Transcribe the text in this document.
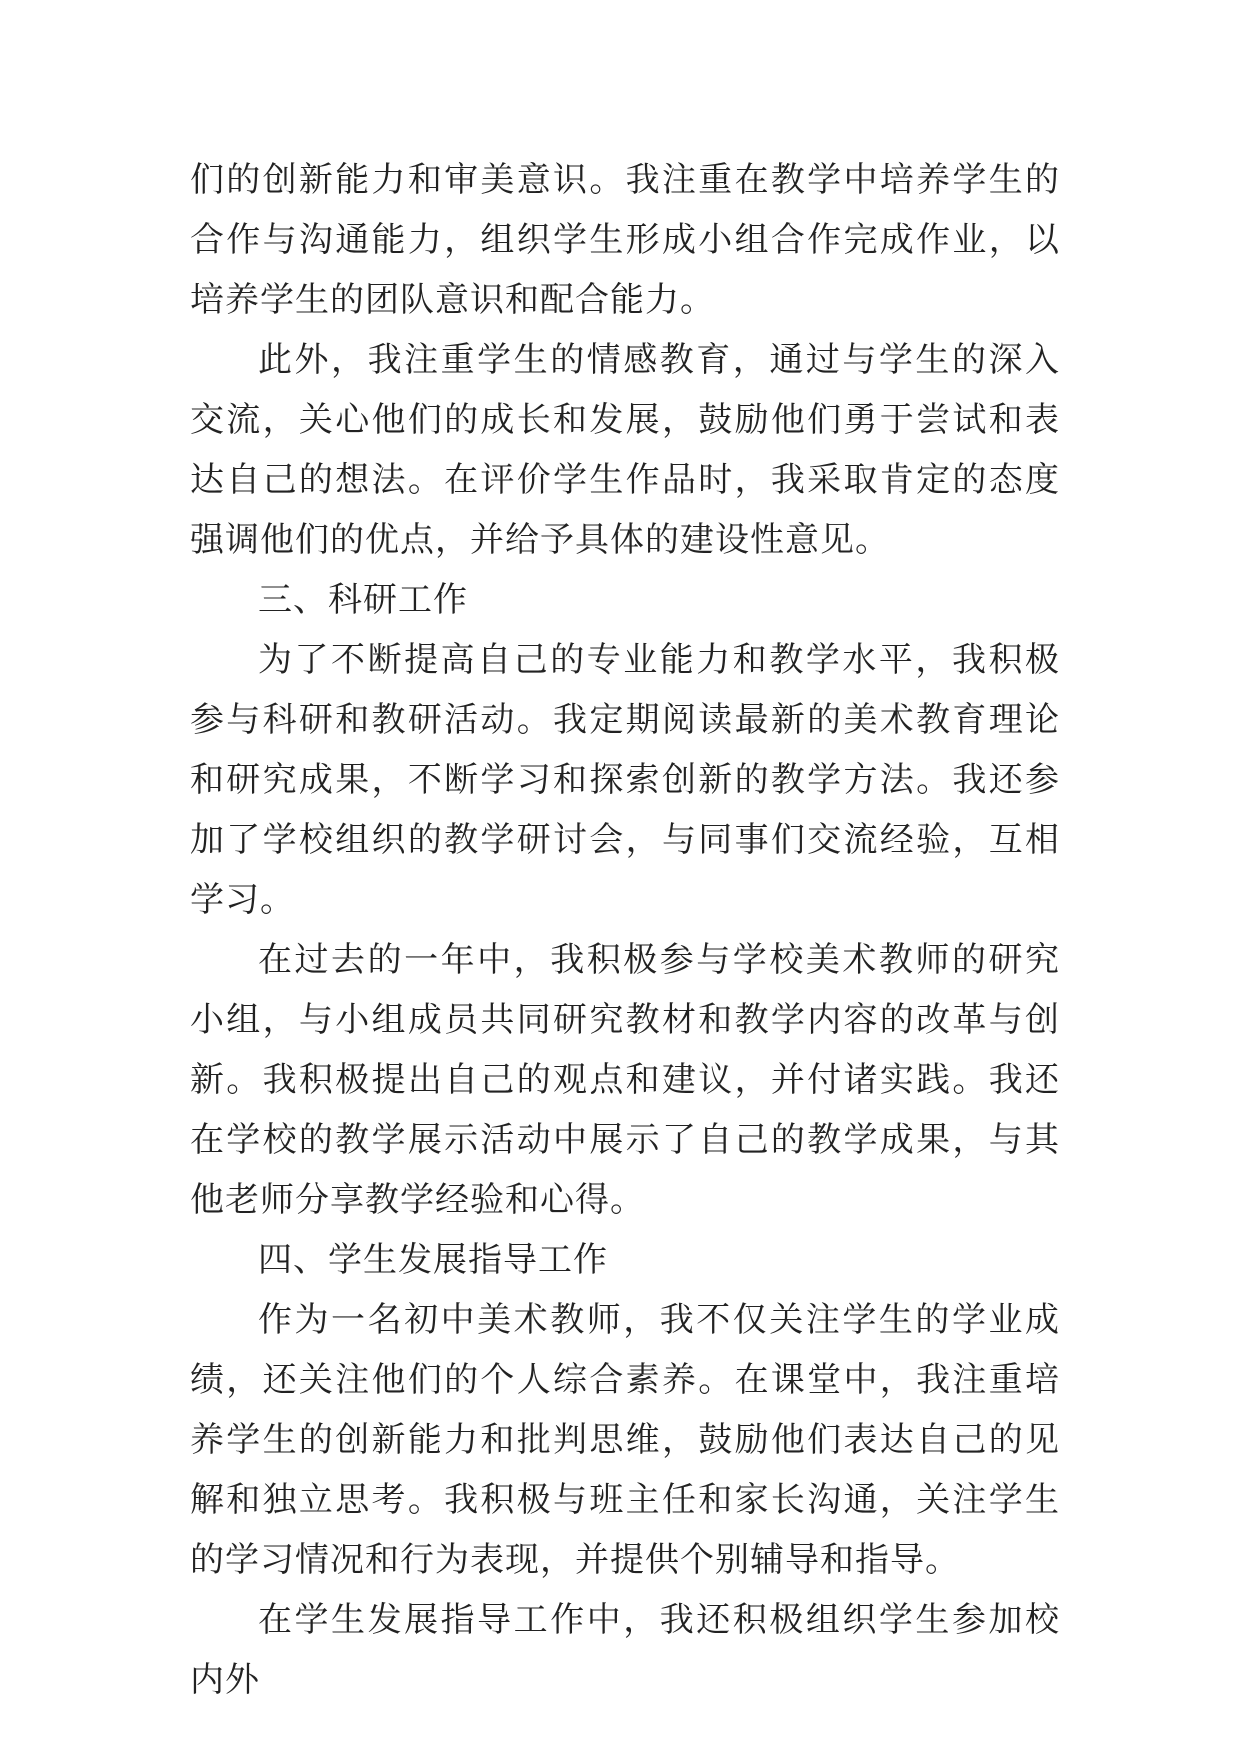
们的创新能力和审美意识。我注重在教学中培养学生的合作与沟通能力，组织学生形成小组合作完成作业，以培养学生的团队意识和配合能力。

此外，我注重学生的情感教育，通过与学生的深入交流，关心他们的成长和发展，鼓励他们勇于尝试和表达自己的想法。在评价学生作品时，我采取肯定的态度强调他们的优点，并给予具体的建设性意见。

三、科研工作

为了不断提高自己的专业能力和教学水平，我积极参与科研和教研活动。我定期阅读最新的美术教育理论和研究成果，不断学习和探索创新的教学方法。我还参加了学校组织的教学研讨会，与同事们交流经验，互相学习。

在过去的一年中，我积极参与学校美术教师的研究小组，与小组成员共同研究教材和教学内容的改革与创新。我积极提出自己的观点和建议，并付诸实践。我还在学校的教学展示活动中展示了自己的教学成果，与其他老师分享教学经验和心得。

四、学生发展指导工作

作为一名初中美术教师，我不仅关注学生的学业成绩，还关注他们的个人综合素养。在课堂中，我注重培养学生的创新能力和批判思维，鼓励他们表达自己的见解和独立思考。我积极与班主任和家长沟通，关注学生的学习情况和行为表现，并提供个别辅导和指导。

在学生发展指导工作中，我还积极组织学生参加校内外
